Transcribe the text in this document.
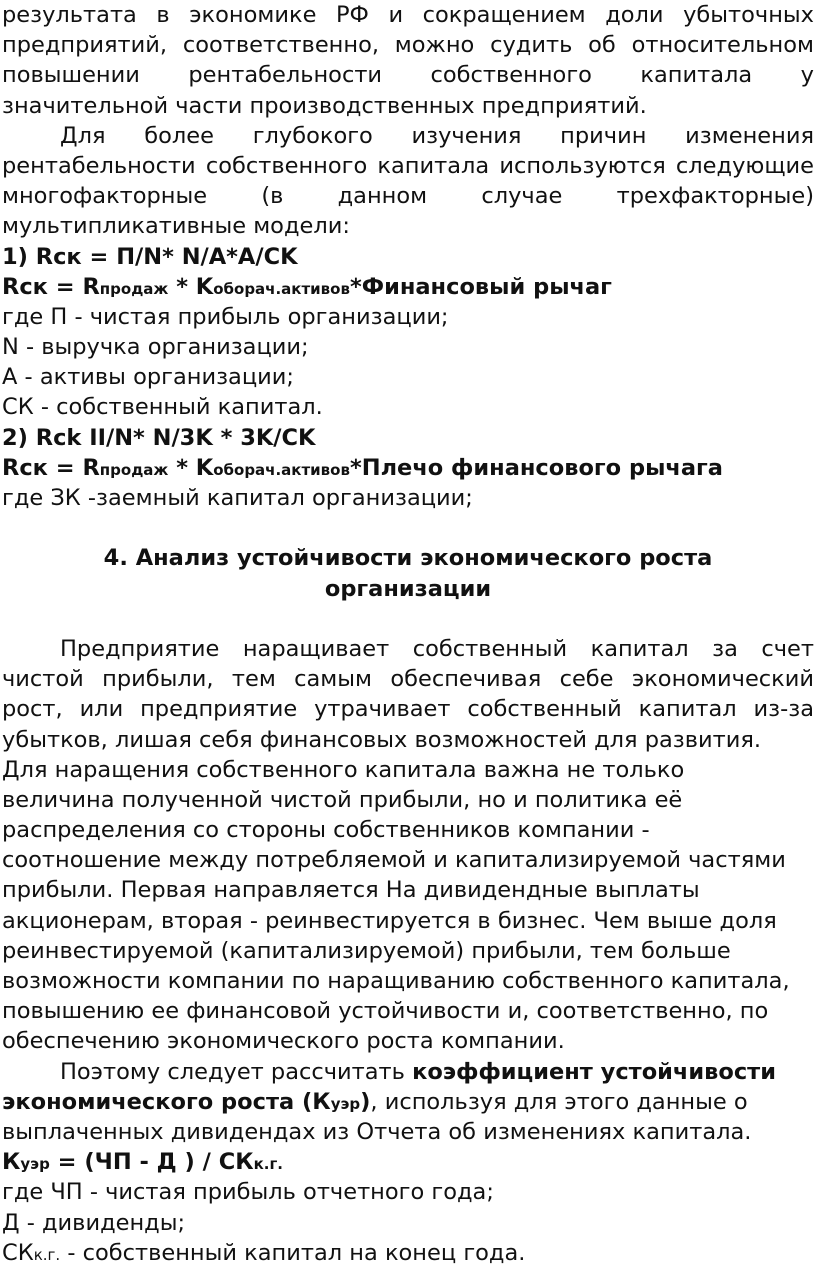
результата в экономике РФ и сокращением доли убыточных
предприятий, соответственно, можно судить об относительном
повышении рентабельности собственного капитала у
значительной части производственных предприятий.
Для более глубокого изучения причин изменения
рентабельности собственного капитала используются следующие
многофакторные (в данном случае трехфакторные)
мультипликативные модели:
1) Rск = П/N* N/A*A/CK
Rск = Rпродаж * Kоборач.активов*Финансовый рычаг
где П - чистая прибыль организации;
N - выручка организации;
А - активы организации;
СК - собственный капитал.
2) Rck II/N* N/3K * 3K/CK
Rск = Rпродаж * Kоборач.активов*Плечо финансового рычага
где ЗК -заемный капитал организации;
4. Анализ устойчивости экономического роста
организации
Предприятие наращивает собственный капитал за счет
чистой прибыли, тем самым обеспечивая себе экономический
рост, или предприятие утрачивает собственный капитал из-за
убытков, лишая себя финансовых возможностей для развития.
Для наращения собственного капитала важна не только
величина полученной чистой прибыли, но и политика её
распределения со стороны собственников компании -
соотношение между потребляемой и капитализируемой частями
прибыли. Первая направляется На дивидендные выплаты
акционерам, вторая - реинвестируется в бизнес. Чем выше доля
реинвестируемой (капитализируемой) прибыли, тем больше
возможности компании по наращиванию собственного капитала,
повышению ее финансовой устойчивости и, соответственно, по
обеспечению экономического роста компании.
Поэтому следует рассчитать коэффициент устойчивости
экономического роста (Куэр), используя для этого данные о
выплаченных дивидендах из Отчета об изменениях капитала.
Куэр = (ЧП - Д ) / СКк.г.
где ЧП - чистая прибыль отчетного года;
Д - дивиденды;
СКк.г. - собственный капитал на конец года.
